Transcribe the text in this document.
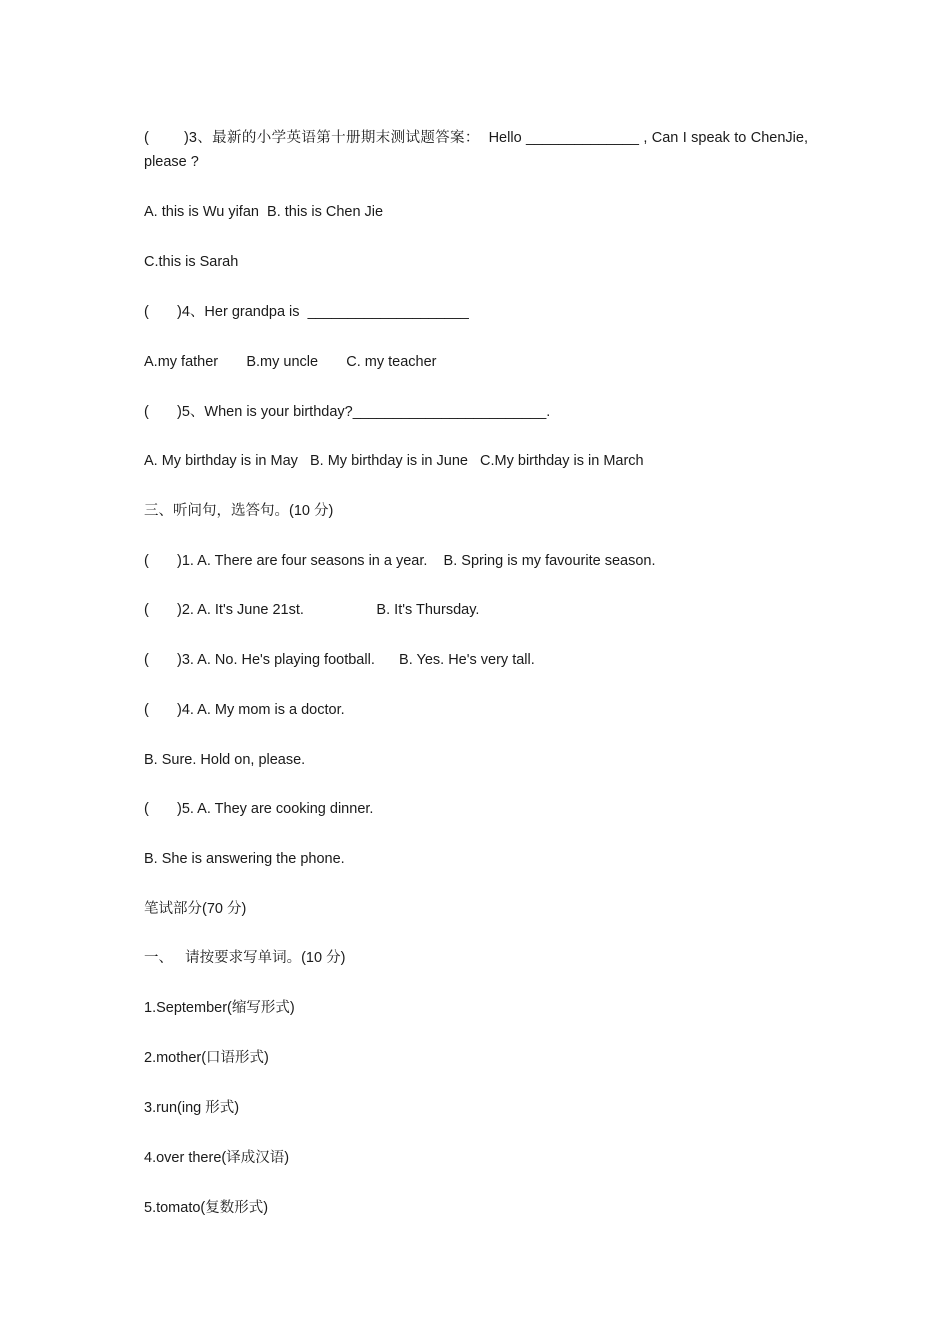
(        )3、最新的小学英语第十册期末测试题答案：  Hello ______________ , Can I speak to ChenJie, please ?
A. this is Wu yifan  B. this is Chen Jie
C.this is Sarah
(       )4、Her grandpa is  ____________________
A.my father       B.my uncle       C. my teacher
(       )5、When is your birthday?________________________.
A. My birthday is in May   B. My birthday is in June   C.My birthday is in March
三、听问句，选答句。(10 分)
(       )1. A. There are four seasons in a year.    B. Spring is my favourite season.
(       )2. A. It's June 21st.                  B. It's Thursday.
(       )3. A. No. He's playing football.      B. Yes. He's very tall.
(       )4. A. My mom is a doctor.
B. Sure. Hold on, please.
(       )5. A. They are cooking dinner.
B. She is answering the phone.
笔试部分(70 分)
一、   请按要求写单词。(10 分)
1.September(缩写形式)
2.mother(口语形式)
3.run(ing 形式)
4.over there(译成汉语)
5.tomato(复数形式)
